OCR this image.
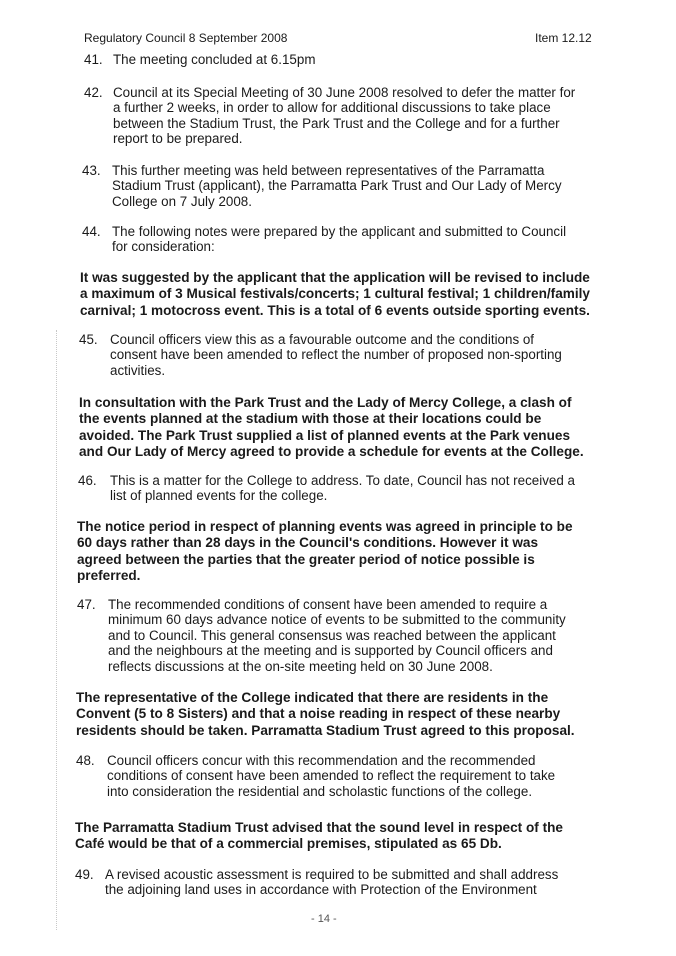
Regulatory Council 8 September 2008	Item 12.12
41. The meeting concluded at 6.15pm
42. Council at its Special Meeting of 30 June 2008 resolved to defer the matter for
a further 2 weeks, in order to allow for additional discussions to take place
between the Stadium Trust, the Park Trust and the College and for a further
report to be prepared.
43. This further meeting was held between representatives of the Parramatta
Stadium Trust (applicant), the Parramatta Park Trust and Our Lady of Mercy
College on 7 July 2008.
44. The following notes were prepared by the applicant and submitted to Council
for consideration:
It was suggested by the applicant that the application will be revised to include
a maximum of 3 Musical festivals/concerts; 1 cultural festival; 1 children/family
carnival; 1 motocross event. This is a total of 6 events outside sporting events.
45. Council officers view this as a favourable outcome and the conditions of
consent have been amended to reflect the number of proposed non-sporting
activities.
In consultation with the Park Trust and the Lady of Mercy College, a clash of
the events planned at the stadium with those at their locations could be
avoided. The Park Trust supplied a list of planned events at the Park venues
and Our Lady of Mercy agreed to provide a schedule for events at the College.
46. This is a matter for the College to address. To date, Council has not received a
list of planned events for the college.
The notice period in respect of planning events was agreed in principle to be
60 days rather than 28 days in the Council's conditions. However it was
agreed between the parties that the greater period of notice possible is
preferred.
47. The recommended conditions of consent have been amended to require a
minimum 60 days advance notice of events to be submitted to the community
and to Council. This general consensus was reached between the applicant
and the neighbours at the meeting and is supported by Council officers and
reflects discussions at the on-site meeting held on 30 June 2008.
The representative of the College indicated that there are residents in the
Convent (5 to 8 Sisters) and that a noise reading in respect of these nearby
residents should be taken. Parramatta Stadium Trust agreed to this proposal.
48. Council officers concur with this recommendation and the recommended
conditions of consent have been amended to reflect the requirement to take
into consideration the residential and scholastic functions of the college.
The Parramatta Stadium Trust advised that the sound level in respect of the
Café would be that of a commercial premises, stipulated as 65 Db.
49. A revised acoustic assessment is required to be submitted and shall address
the adjoining land uses in accordance with Protection of the Environment
- 14 -
